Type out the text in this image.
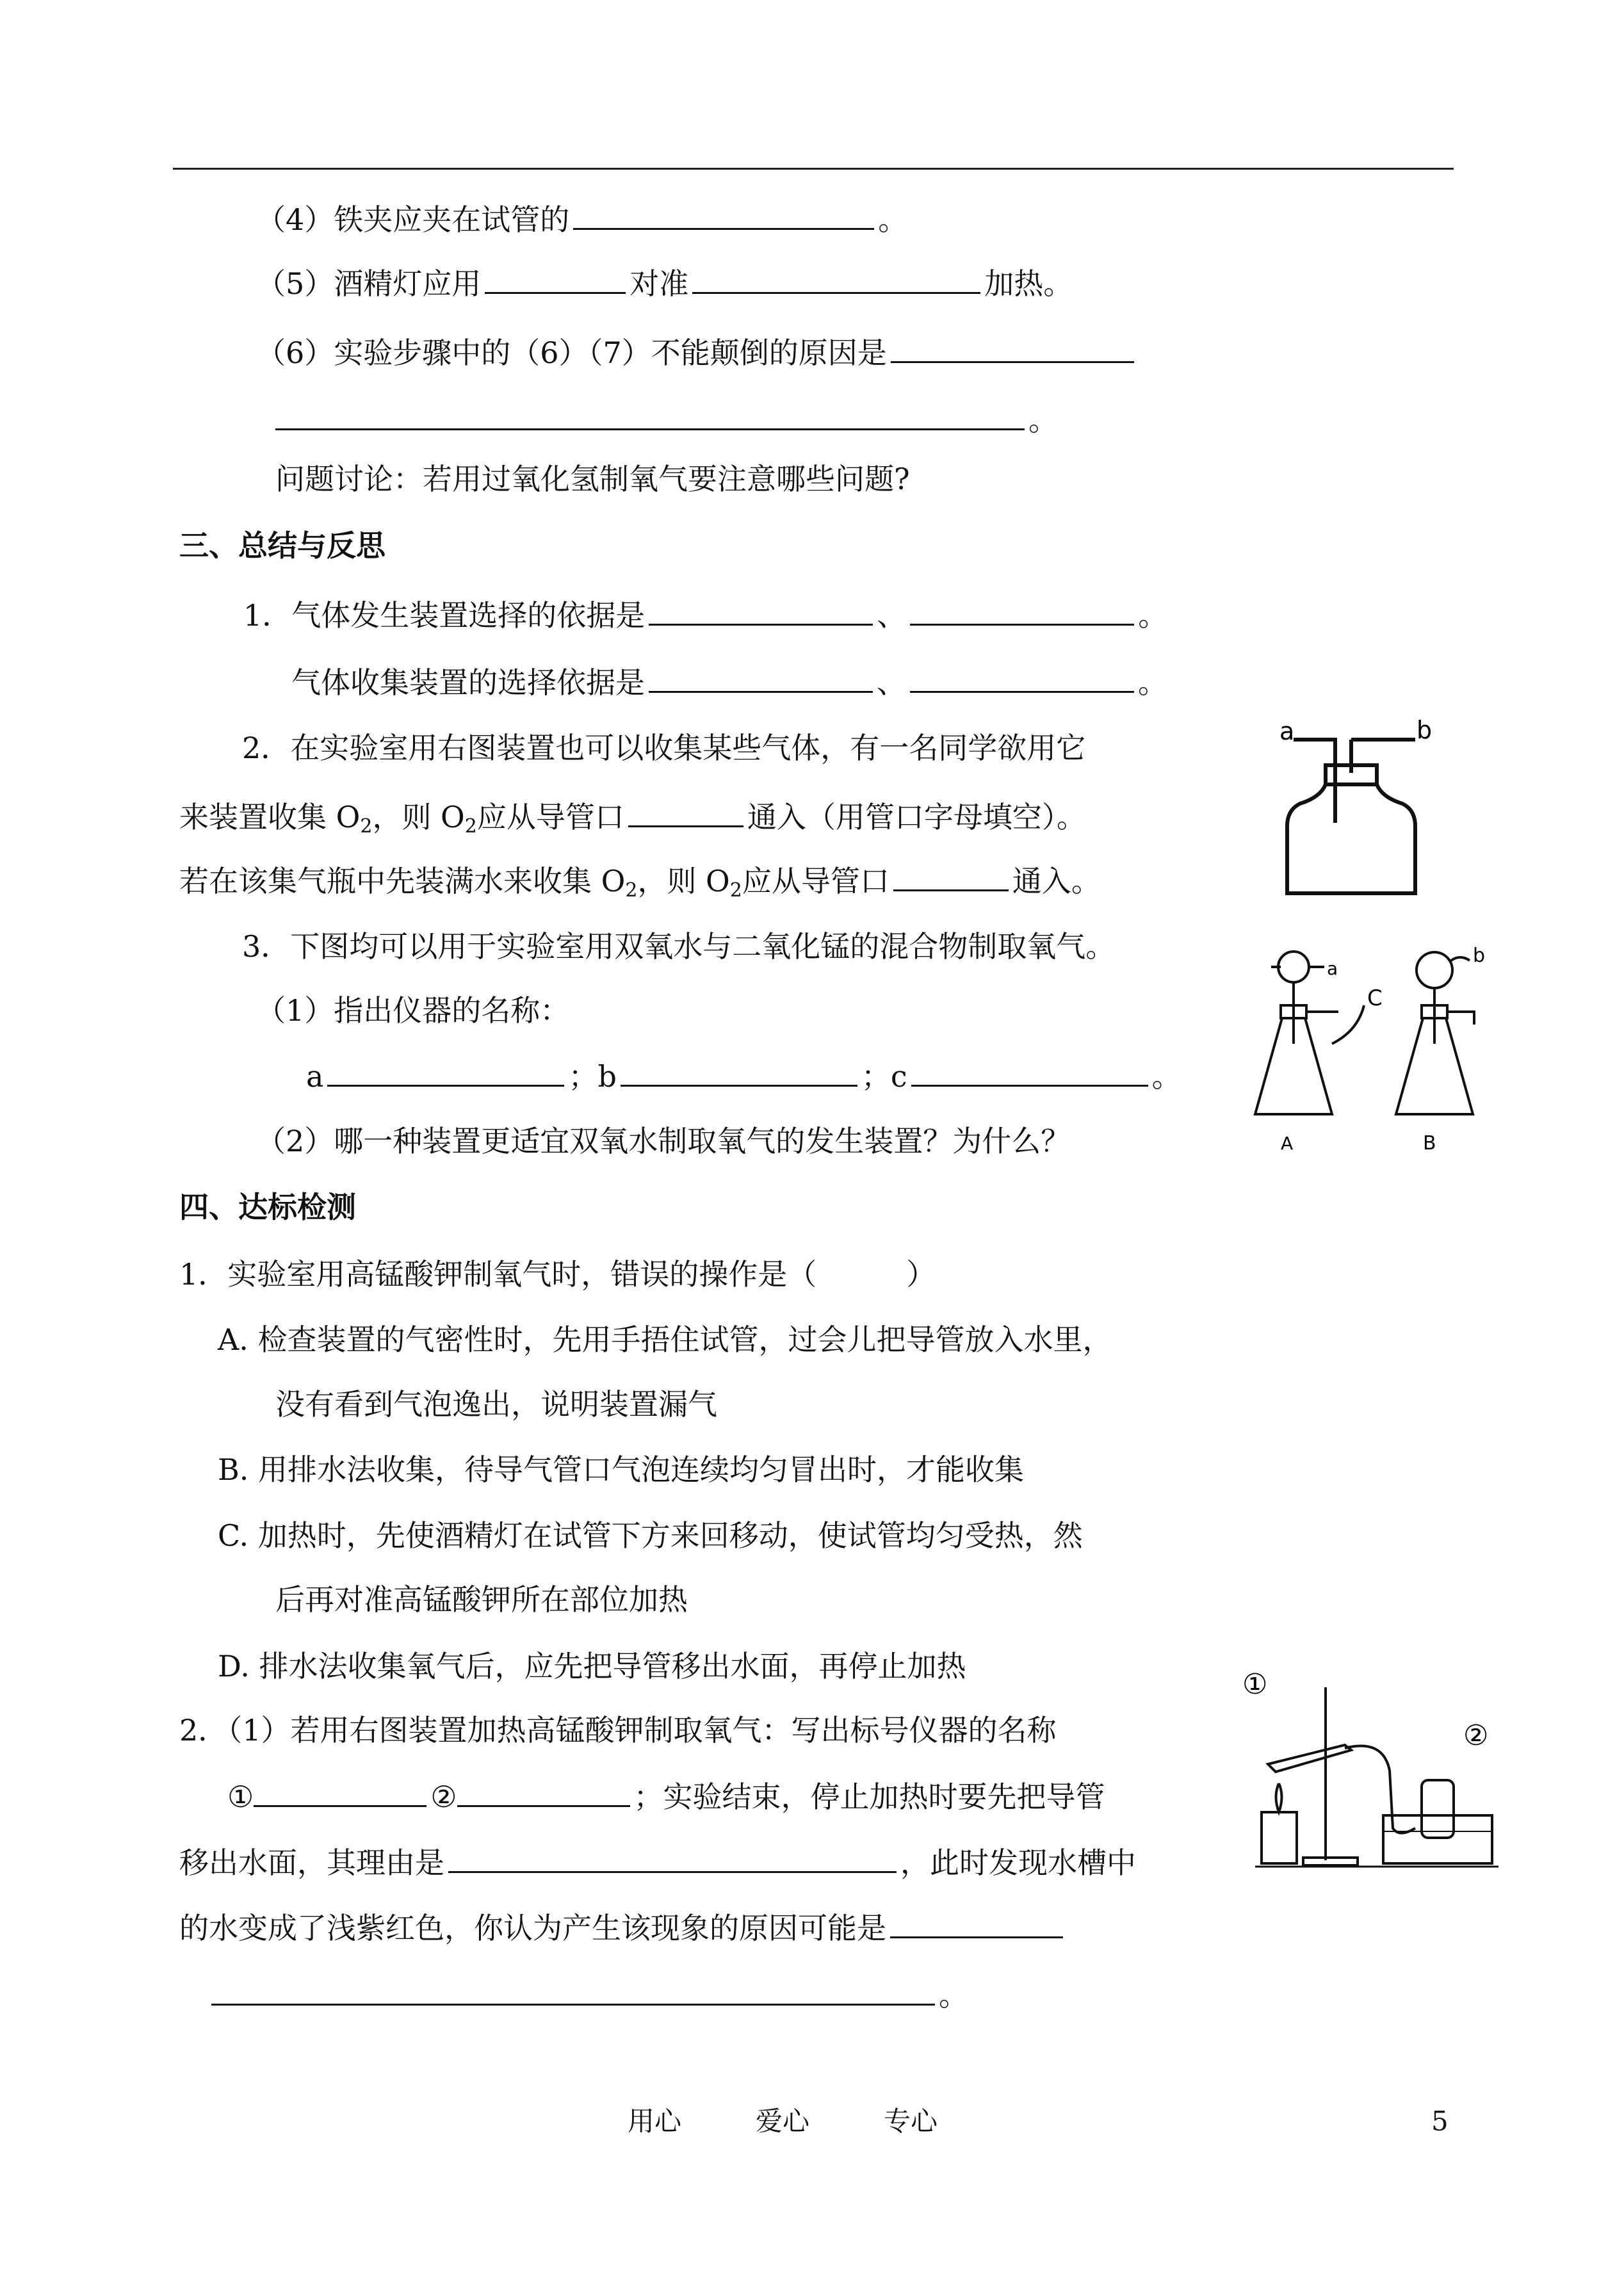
（4）铁夹应夹在试管的	。
（5）酒精灯应用	对准	加热。
（6）实验步骤中的（6）（7）不能颠倒的原因是
。
问题讨论：若用过氧化氢制氧气要注意哪些问题?
三、总结与反思
1．气体发生装置选择的依据是	、	。
气体收集装置的选择依据是	、	。
2．在实验室用右图装置也可以收集某些气体，有一名同学欲用它
来装置收集 $O_2$，则 $O_2$应从导管口	通入（用管口字母填空）。
若在该集气瓶中先装满水来收集 $O_2$，则 $O_2$应从导管口	通入。
3．下图均可以用于实验室用双氧水与二氧化锰的混合物制取氧气。
（1）指出仪器的名称：
a	；b	；c	。
（2）哪一种装置更适宜双氧水制取氧气的发生装置？为什么？
四、达标检测
1．实验室用高锰酸钾制氧气时，错误的操作是（	）
A. 检查装置的气密性时，先用手捂住试管，过会儿把导管放入水里，
没有看到气泡逸出，说明装置漏气
B. 用排水法收集，待导气管口气泡连续均匀冒出时，才能收集
C. 加热时，先使酒精灯在试管下方来回移动，使试管均匀受热，然
后再对准高锰酸钾所在部位加热
D. 排水法收集氧气后，应先把导管移出水面，再停止加热
2．（1）若用右图装置加热高锰酸钾制取氧气：写出标号仪器的名称
①	②	；实验结束，停止加热时要先把导管
移出水面，其理由是	，此时发现水槽中
的水变成了浅紫红色，你认为产生该现象的原因可能是
。
a	b
a
b
C
A	B
①
②
用心	爱心	专心	5
